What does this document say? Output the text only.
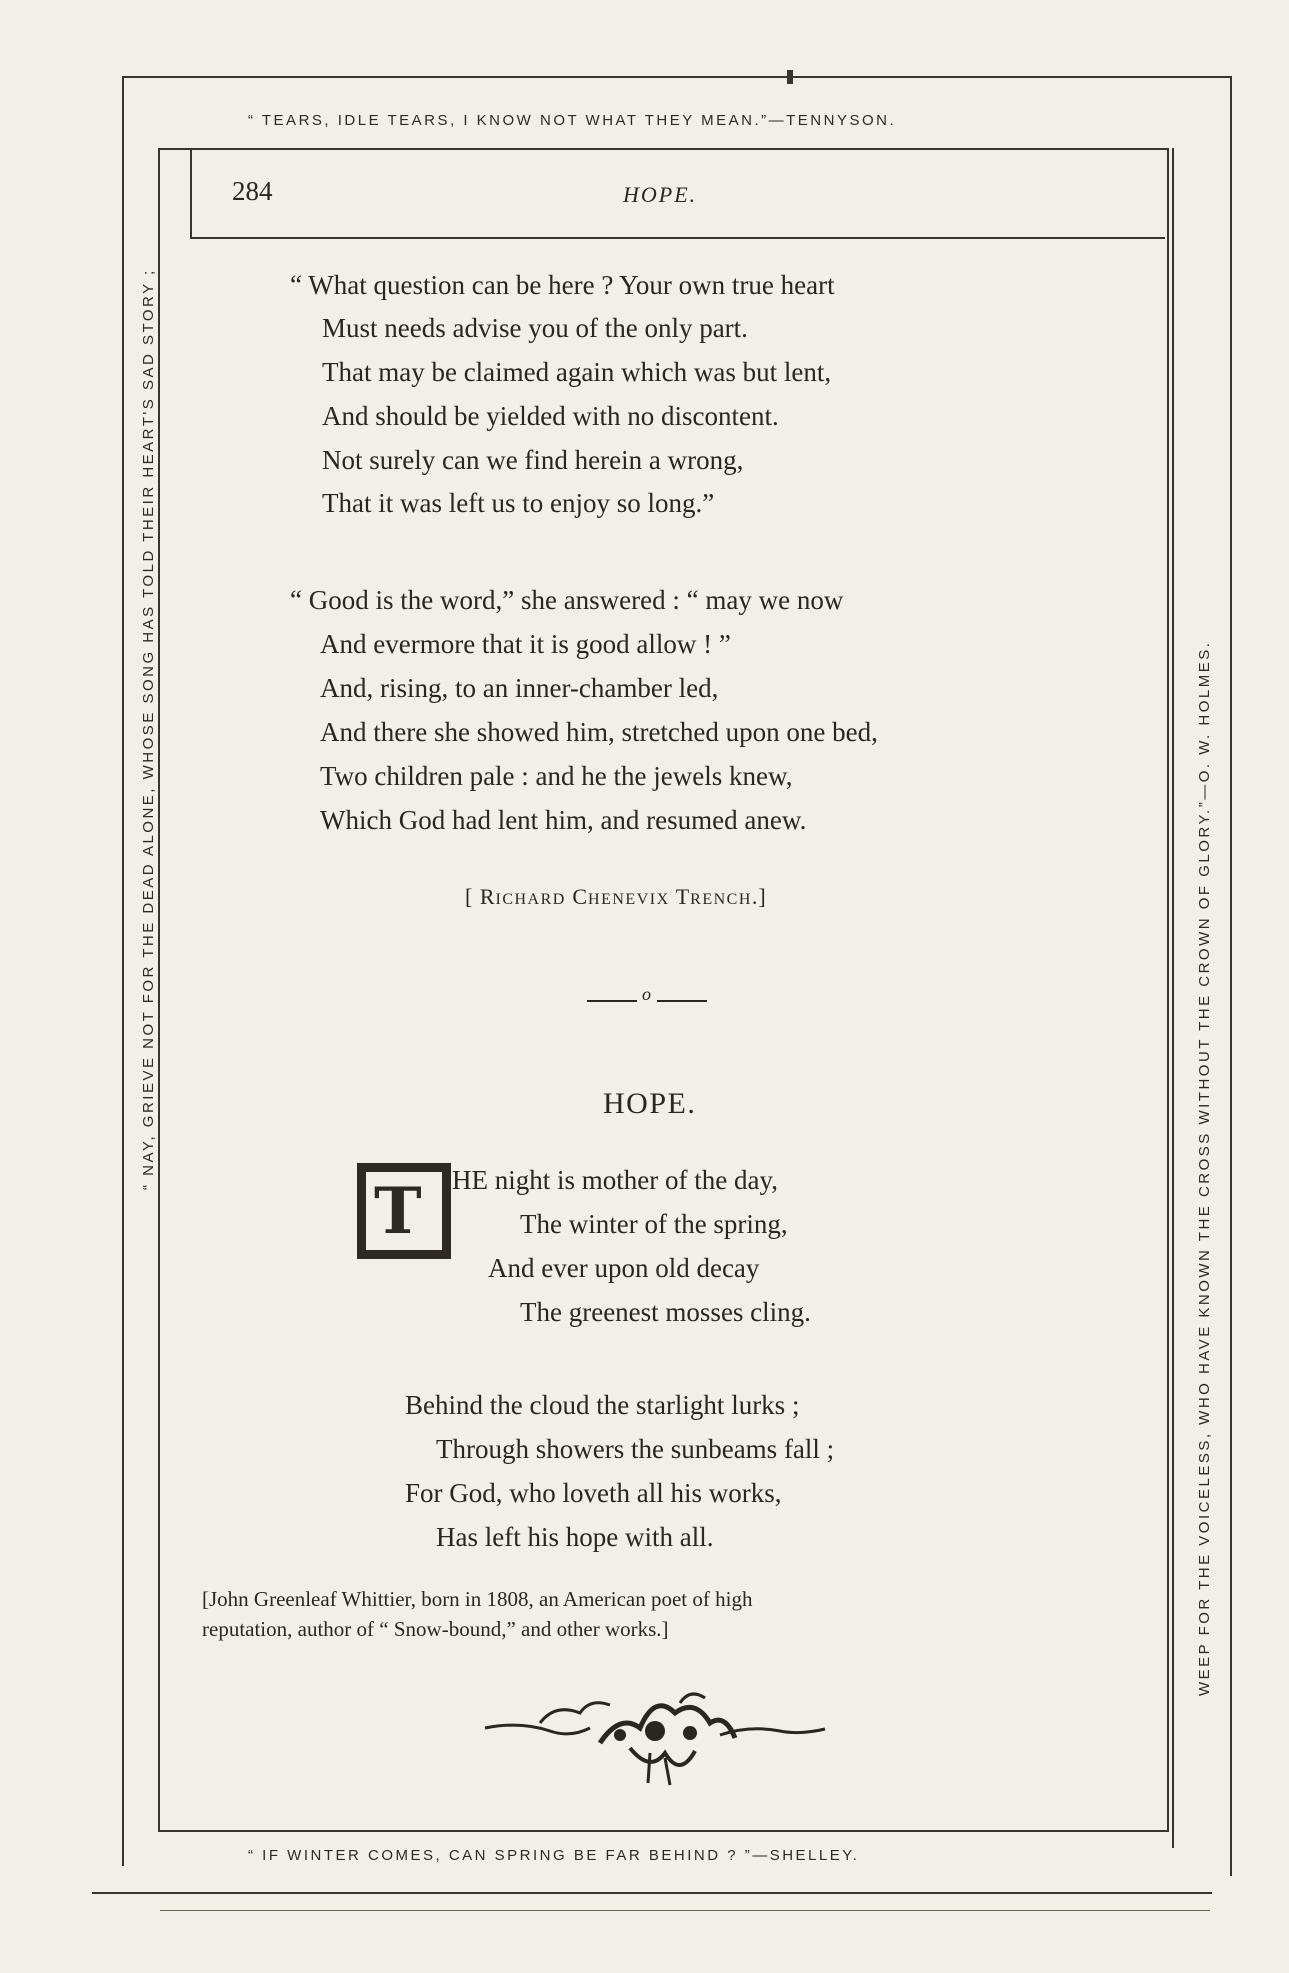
“ TEARS, IDLE TEARS, I KNOW NOT WHAT THEY MEAN.”—TENNYSON.
“ NAY, GRIEVE NOT FOR THE DEAD ALONE, WHOSE SONG HAS TOLD THEIR HEART'S SAD STORY ;	WEEP FOR THE VOICELESS, WHO HAVE KNOWN THE CROSS WITHOUT THE CROWN OF GLORY.”—O. W. HOLMES.
“ IF WINTER COMES, CAN SPRING BE FAR BEHIND ? ”—SHELLEY.
284	HOPE.
“ What question can be here ? Your own true heart
Must needs advise you of the only part.
That may be claimed again which was but lent,
And should be yielded with no discontent.
Not surely can we find herein a wrong,
That it was left us to enjoy so long.”
“ Good is the word,” she answered : “ may we now
And evermore that it is good allow ! ”
And, rising, to an inner-chamber led,
And there she showed him, stretched upon one bed,
Two children pale : and he the jewels knew,
Which God had lent him, and resumed anew.
[ RICHARD CHENEVIX TRENCH.]
o
HOPE.
T HE night is mother of the day,
The winter of the spring,
And ever upon old decay
The greenest mosses cling.
Behind the cloud the starlight lurks ;
Through showers the sunbeams fall ;
For God, who loveth all his works,
Has left his hope with all.
[John Greenleaf Whittier, born in 1808, an American poet of high
reputation, author of “ Snow-bound,” and other works.]
